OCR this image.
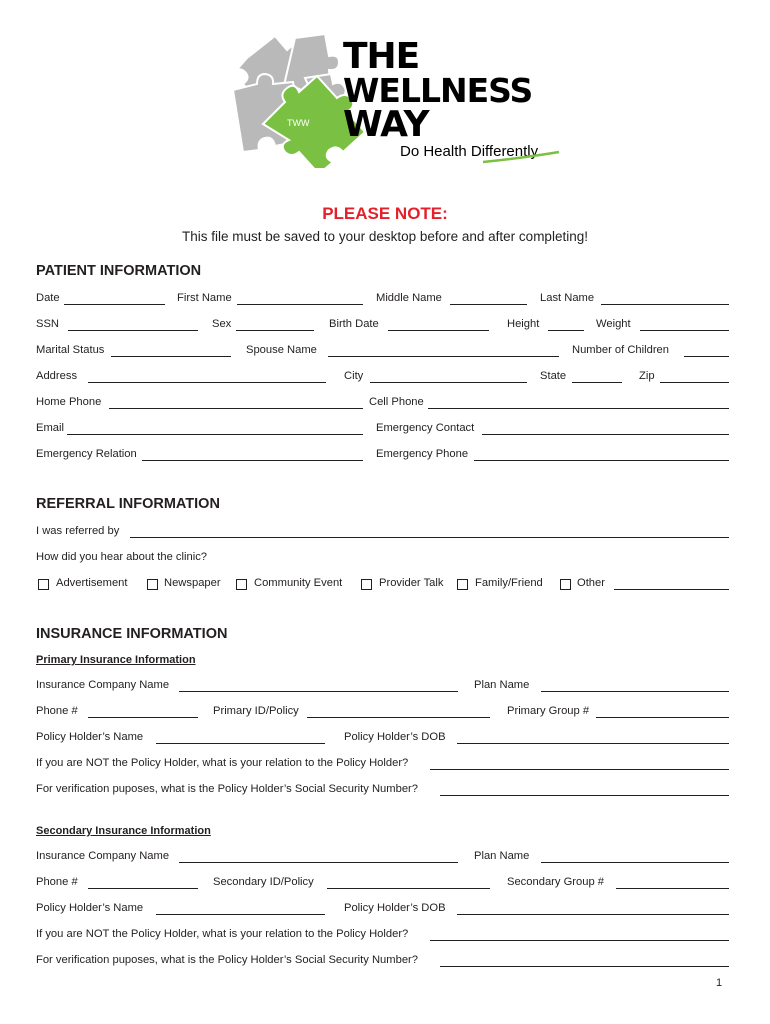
TWW
THE
WELLNESS
WAY
Do Health Differently.
PLEASE NOTE:
This file must be saved to your desktop before and after completing!
PATIENT INFORMATION
Date	First Name	Middle Name	Last Name
SSN	Sex	Birth Date	Height	Weight
Marital Status	Spouse Name	Number of Children
Address	City	State	Zip
Home Phone	Cell Phone
Email	Emergency Contact
Emergency Relation	Emergency Phone
REFERRAL INFORMATION
I was referred by
How did you hear about the clinic?
Advertisement	Newspaper	Community Event	Provider Talk	Family/Friend	Other
INSURANCE INFORMATION
Primary Insurance Information
Insurance Company Name	Plan Name
Phone #	Primary ID/Policy	Primary Group #
Policy Holder’s Name	Policy Holder’s DOB
If you are NOT the Policy Holder, what is your relation to the Policy Holder?
For verification puposes, what is the Policy Holder’s Social Security Number?
Secondary Insurance Information
Insurance Company Name	Plan Name
Phone #	Secondary ID/Policy	Secondary Group #
Policy Holder’s Name	Policy Holder’s DOB
If you are NOT the Policy Holder, what is your relation to the Policy Holder?
For verification puposes, what is the Policy Holder’s Social Security Number?
1
